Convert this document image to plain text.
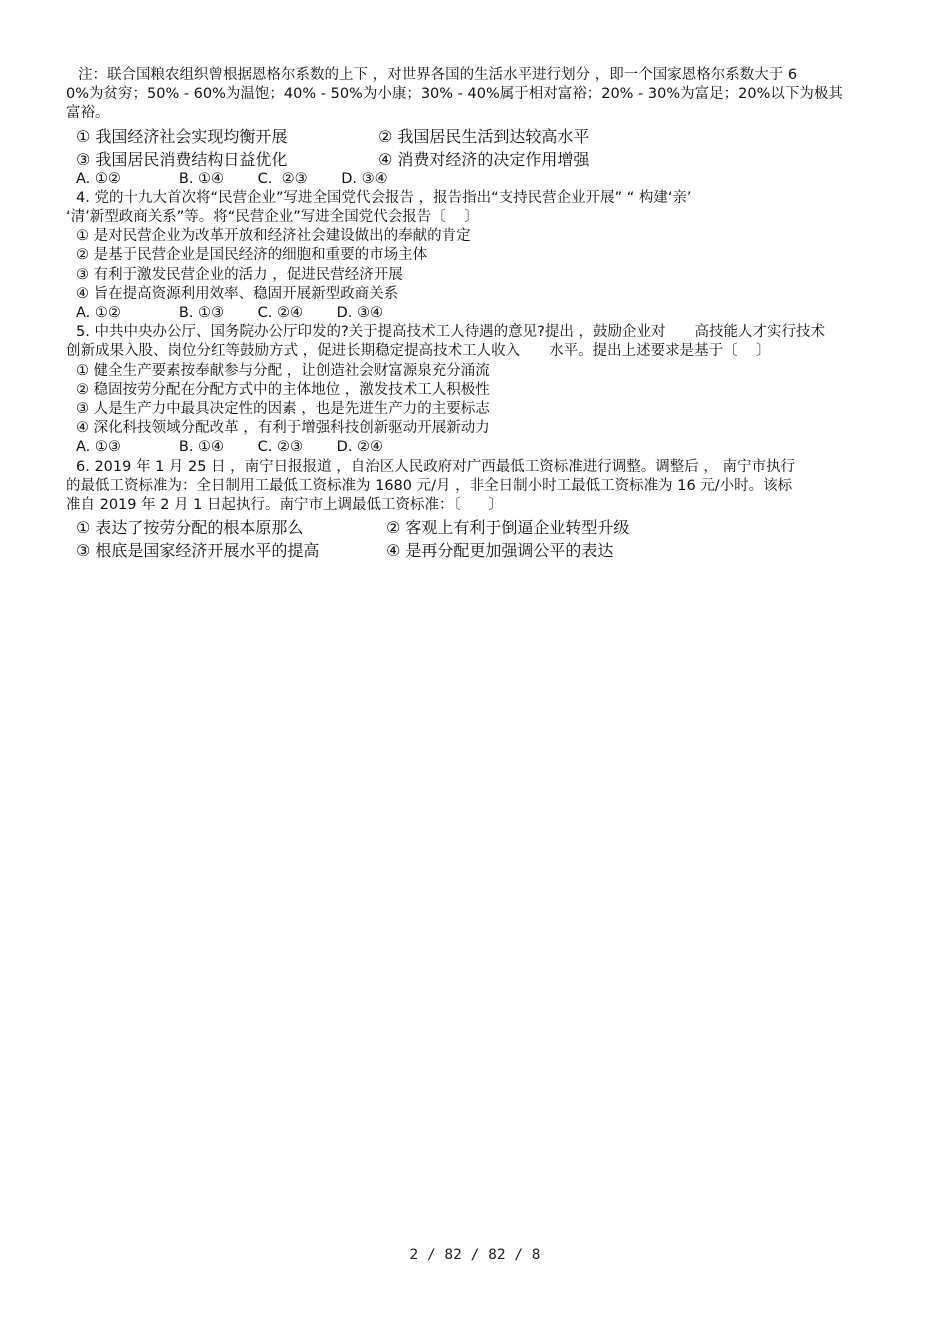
注：联合国粮农组织曾根据恩格尔系数的上下 ，对世界各国的生活水平进行划分 ，即一个国家恩格尔系数大于 6

0%为贫穷；50% - 60%为温饱；40% - 50%为小康；30% - 40%属于相对富裕；20% - 30%为富足；20%以下为极其

富裕。

① 我国经济社会实现均衡开展	② 我国居民生活到达较高水平
③ 我国居民消费结构日益优化	④ 消费对经济的决定作用增强

A. ①②　　　　B. ①④　　 C.  ②③　　 D. ③④

4. 党的十九大首次将“民营企业”写进全国党代会报告 ，报告指出“支持民营企业开展” “ 构建‘亲’

‘清’新型政商关系”等。将“民营企业”写进全国党代会报告〔    〕

① 是对民营企业为改革开放和经济社会建设做出的奉献的肯定

② 是基于民营企业是国民经济的细胞和重要的市场主体

③ 有利于激发民营企业的活力 ，促进民营经济开展

④ 旨在提高资源利用效率、稳固开展新型政商关系

A. ①②　　　　B. ①③　　 C. ②④　　 D. ③④

5. 中共中央办公厅、国务院办公厅印发的?关于提高技术工人待遇的意见?提出 ，鼓励企业对　　高技能人才实行技术

创新成果入股、岗位分红等鼓励方式 ，促进长期稳定提高技术工人收入　　水平。提出上述要求是基于〔    〕

① 健全生产要素按奉献参与分配 ，让创造社会财富源泉充分涌流

② 稳固按劳分配在分配方式中的主体地位 ，激发技术工人积极性

③ 人是生产力中最具决定性的因素 ，也是先进生产力的主要标志

④ 深化科技领域分配改革 ，有利于增强科技创新驱动开展新动力

A. ①③　　　　B. ①④　　 C. ②③　　 D. ②④

6. 2019 年 1 月 25 日 ，南宁日报报道 ，自治区人民政府对广西最低工资标准进行调整。调整后 ， 南宁市执行

的最低工资标准为：全日制用工最低工资标准为 1680 元/月 ，非全日制小时工最低工资标准为 16 元/小时。该标

准自 2019 年 2 月 1 日起执行。南宁市上调最低工资标准：〔      〕

① 表达了按劳分配的根本原那么	② 客观上有利于倒逼企业转型升级
③ 根底是国家经济开展水平的提高	④ 是再分配更加强调公平的表达
2 / 82 / 82 / 8
